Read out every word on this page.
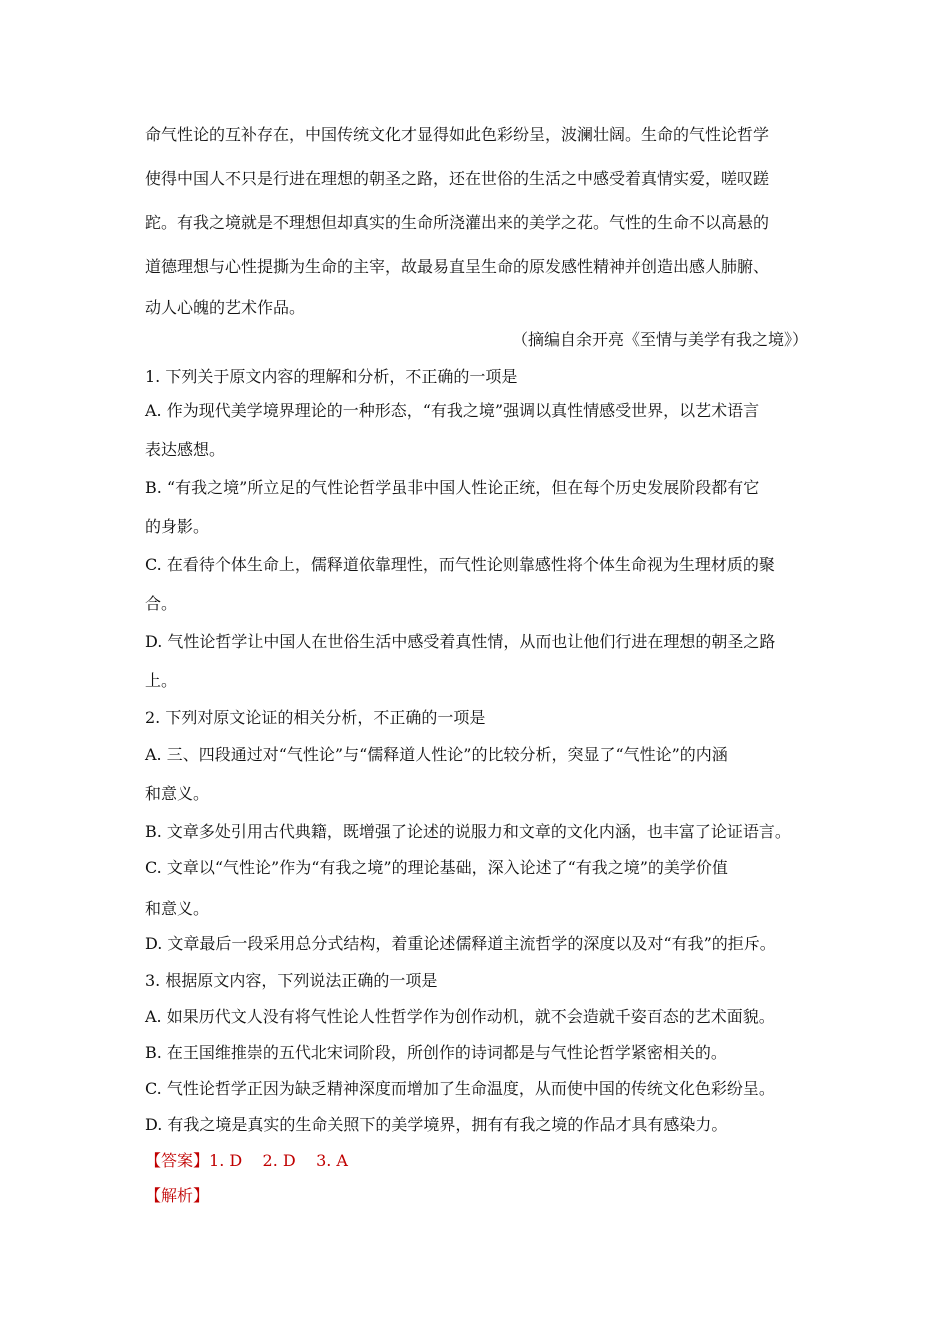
命气性论的互补存在，中国传统文化才显得如此色彩纷呈，波澜壮阔。生命的气性论哲学
使得中国人不只是行进在理想的朝圣之路，还在世俗的生活之中感受着真情实爱，嗟叹蹉
跎。有我之境就是不理想但却真实的生命所浇灌出来的美学之花。气性的生命不以高悬的
道德理想与心性提撕为生命的主宰，故最易直呈生命的原发感性精神并创造出感人肺腑、
动人心魄的艺术作品。
（摘编自余开亮《至情与美学有我之境》）
1. 下列关于原文内容的理解和分析，不正确的一项是
A. 作为现代美学境界理论的一种形态，“有我之境”强调以真性情感受世界，以艺术语言
表达感想。
B. “有我之境”所立足的气性论哲学虽非中国人性论正统，但在每个历史发展阶段都有它
的身影。
C. 在看待个体生命上，儒释道依靠理性，而气性论则靠感性将个体生命视为生理材质的聚
合。
D. 气性论哲学让中国人在世俗生活中感受着真性情，从而也让他们行进在理想的朝圣之路
上。
2. 下列对原文论证的相关分析，不正确的一项是
A. 三、四段通过对“气性论”与“儒释道人性论”的比较分析，突显了“气性论”的内涵
和意义。
B. 文章多处引用古代典籍，既增强了论述的说服力和文章的文化内涵，也丰富了论证语言。
C. 文章以“气性论”作为“有我之境”的理论基础，深入论述了“有我之境”的美学价值
和意义。
D. 文章最后一段采用总分式结构，着重论述儒释道主流哲学的深度以及对“有我”的拒斥。
3. 根据原文内容，下列说法正确的一项是
A. 如果历代文人没有将气性论人性哲学作为创作动机，就不会造就千姿百态的艺术面貌。
B. 在王国维推崇的五代北宋词阶段，所创作的诗词都是与气性论哲学紧密相关的。
C. 气性论哲学正因为缺乏精神深度而增加了生命温度，从而使中国的传统文化色彩纷呈。
D. 有我之境是真实的生命关照下的美学境界，拥有有我之境的作品才具有感染力。
【答案】1. D    2. D    3. A
【解析】
